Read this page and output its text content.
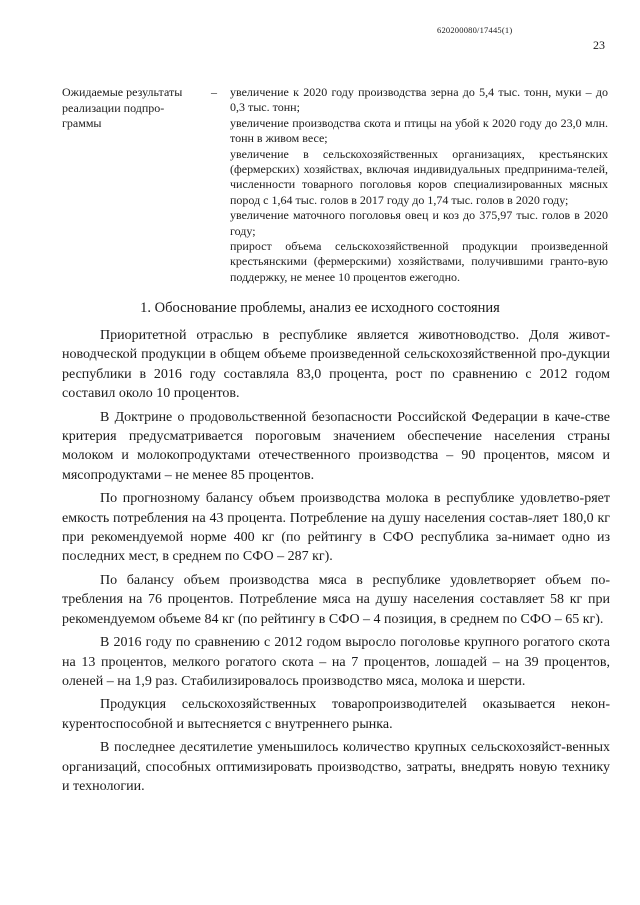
620200080/17445(1)
23
Ожидаемые результаты реализации подпро-граммы
– увеличение к 2020 году производства зерна до 5,4 тыс. тонн, муки – до 0,3 тыс. тонн;
увеличение производства скота и птицы на убой к 2020 году до 23,0 млн. тонн в живом весе;
увеличение в сельскохозяйственных организациях, крестьянских (фермерских) хозяйствах, включая индивидуальных предпринима-телей, численности товарного поголовья коров специализированных мясных пород с 1,64 тыс. голов в 2017 году до 1,74 тыс. голов в 2020 году;
увеличение маточного поголовья овец и коз до 375,97 тыс. голов в 2020 году;
прирост объема сельскохозяйственной продукции произведенной крестьянскими (фермерскими) хозяйствами, получившими гранто-вую поддержку, не менее 10 процентов ежегодно.
1. Обоснование проблемы, анализ ее исходного состояния

Приоритетной отраслью в республике является животноводство. Доля живот-новодческой продукции в общем объеме произведенной сельскохозяйственной про-дукции республики в 2016 году составляла 83,0 процента, рост по сравнению с 2012 годом составил около 10 процентов.

В Доктрине о продовольственной безопасности Российской Федерации в каче-стве критерия предусматривается пороговым значением обеспечение населения страны молоком и молокопродуктами отечественного производства – 90 процентов, мясом и мясопродуктами – не менее 85 процентов.

По прогнозному балансу объем производства молока в республике удовлетво-ряет емкость потребления на 43 процента. Потребление на душу населения состав-ляет 180,0 кг при рекомендуемой норме 400 кг (по рейтингу в СФО республика за-нимает одно из последних мест, в среднем по СФО – 287 кг).

По балансу объем производства мяса в республике удовлетворяет объем по-требления на 76 процентов. Потребление мяса на душу населения составляет 58 кг при рекомендуемом объеме 84 кг (по рейтингу в СФО – 4 позиция, в среднем по СФО – 65 кг).

В 2016 году по сравнению с 2012 годом выросло поголовье крупного рогатого скота на 13 процентов, мелкого рогатого скота – на 7 процентов, лошадей – на 39 процентов, оленей – на 1,9 раз. Стабилизировалось производство мяса, молока и шерсти.

Продукция сельскохозяйственных товаропроизводителей оказывается некон-курентоспособной и вытесняется с внутреннего рынка.

В последнее десятилетие уменьшилось количество крупных сельскохозяйст-венных организаций, способных оптимизировать производство, затраты, внедрять новую технику и технологии.
